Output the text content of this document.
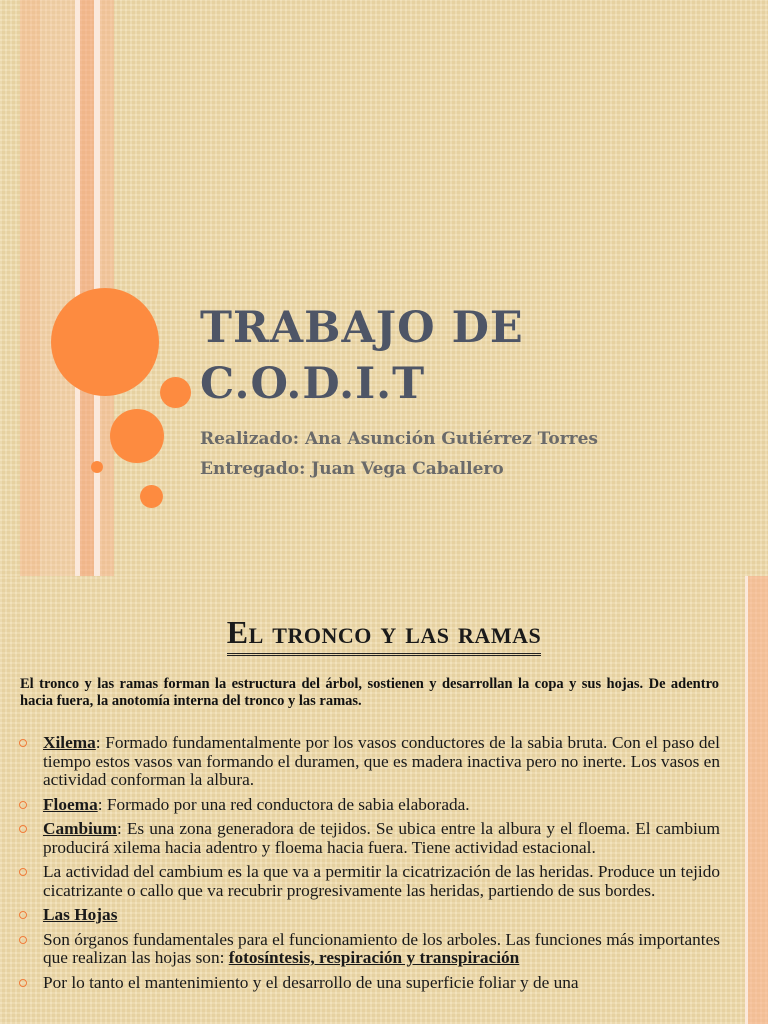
TRABAJO DE
C.O.D.I.T
Realizado: Ana Asunción Gutiérrez Torres
Entregado: Juan Vega Caballero
El tronco y las ramas
El tronco y las ramas forman la estructura del árbol, sostienen y desarrollan la copa y sus hojas. De adentro hacia fuera, la anotomía interna del tronco y las ramas.
Xilema: Formado fundamentalmente por los vasos conductores de la sabia bruta. Con el paso del tiempo estos vasos van formando el duramen, que es madera inactiva pero no inerte. Los vasos en actividad conforman la albura.
Floema: Formado por una red conductora de sabia elaborada.
Cambium: Es una zona generadora de tejidos. Se ubica entre la albura y el floema. El cambium producirá xilema hacia adentro y floema hacia fuera. Tiene actividad estacional.
La actividad del cambium es la que va a permitir la cicatrización de las heridas. Produce un tejido cicatrizante o callo que va recubrir progresivamente las heridas, partiendo de sus bordes.
Las Hojas
Son órganos fundamentales para el funcionamiento de los arboles. Las funciones más importantes que realizan las hojas son: fotosíntesis, respiración y transpiración
Por lo tanto el mantenimiento y el desarrollo de una superficie foliar y de una
